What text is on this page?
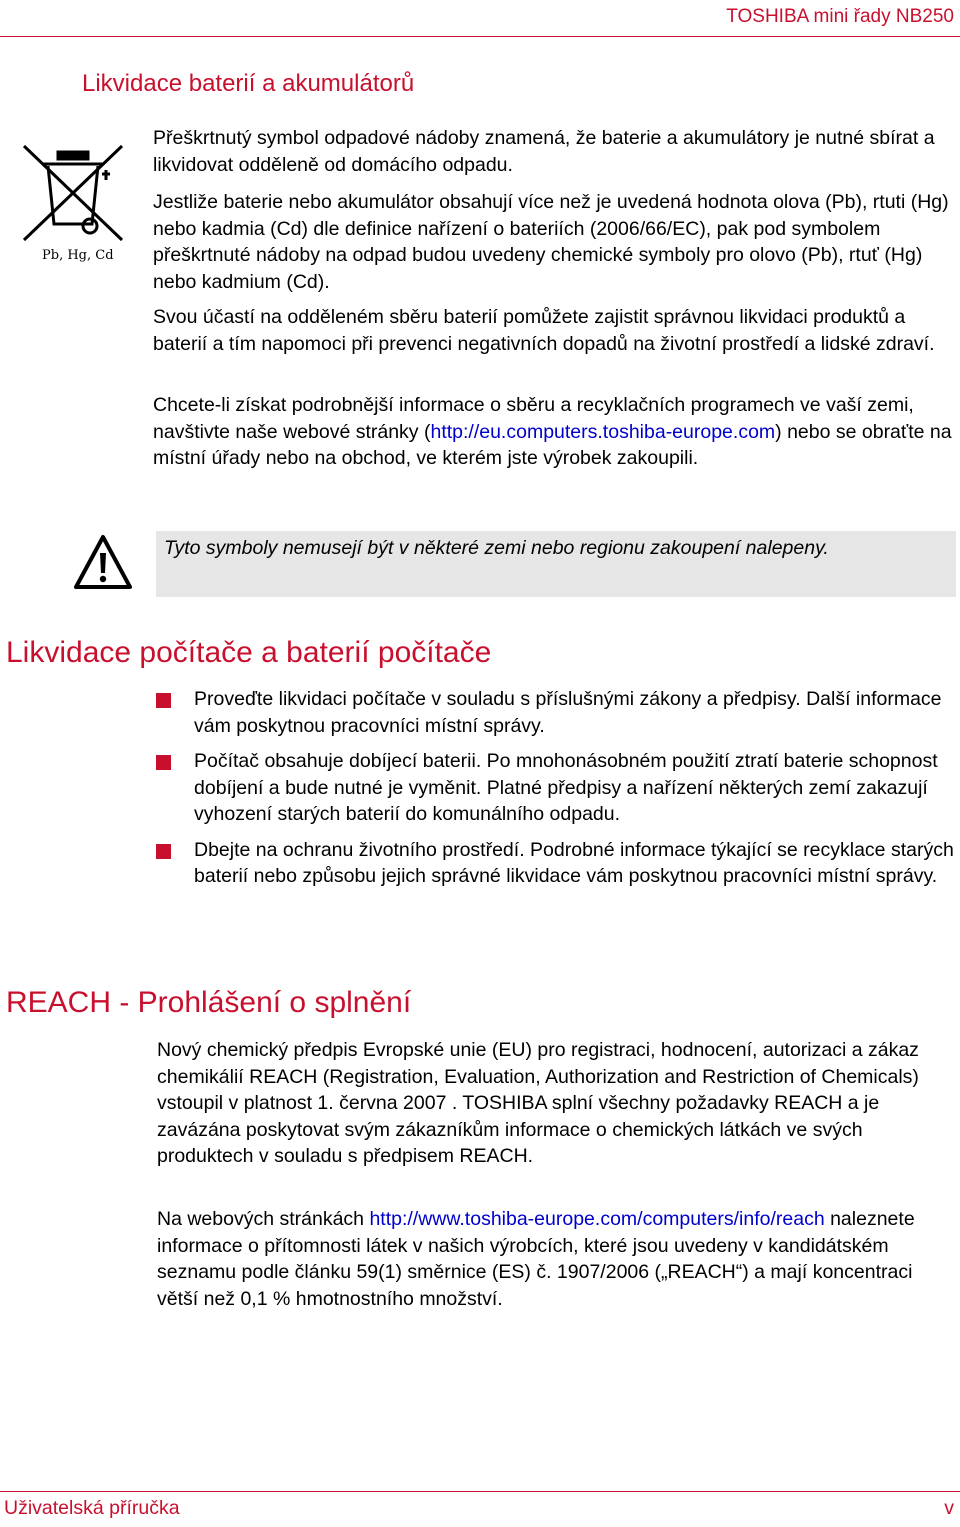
TOSHIBA mini řady NB250
Likvidace baterií a akumulátorů
Pb, Hg, Cd

Přeškrtnutý symbol odpadové nádoby znamená, že baterie a akumulátory je nutné sbírat a likvidovat odděleně od domácího odpadu.

Jestliže baterie nebo akumulátor obsahují více než je uvedená hodnota olova (Pb), rtuti (Hg) nebo kadmia (Cd) dle definice nařízení o bateriích (2006/66/EC), pak pod symbolem přeškrtnuté nádoby na odpad budou uvedeny chemické symboly pro olovo (Pb), rtuť (Hg) nebo kadmium (Cd).

Svou účastí na odděleném sběru baterií pomůžete zajistit správnou likvidaci produktů a baterií a tím napomoci při prevenci negativních dopadů na životní prostředí a lidské zdraví.

Chcete-li získat podrobnější informace o sběru a recyklačních programech ve vaší zemi, navštivte naše webové stránky (http://eu.computers.toshiba-europe.com) nebo se obraťte na místní úřady nebo na obchod, ve kterém jste výrobek zakoupili.

Tyto symboly nemusejí být v některé zemi nebo regionu zakoupení nalepeny.

Likvidace počítače a baterií počítače
Proveďte likvidaci počítače v souladu s příslušnými zákony a předpisy. Další informace vám poskytnou pracovníci místní správy.
Počítač obsahuje dobíjecí baterii. Po mnohonásobném použití ztratí baterie schopnost dobíjení a bude nutné je vyměnit. Platné předpisy a nařízení některých zemí zakazují vyhození starých baterií do komunálního odpadu.
Dbejte na ochranu životního prostředí. Podrobné informace týkající se recyklace starých baterií nebo způsobu jejich správné likvidace vám poskytnou pracovníci místní správy.
REACH - Prohlášení o splnění

Nový chemický předpis Evropské unie (EU) pro registraci, hodnocení, autorizaci a zákaz chemikálií REACH (Registration, Evaluation, Authorization and Restriction of Chemicals) vstoupil v platnost 1. června 2007 . TOSHIBA splní všechny požadavky REACH a je zavázána poskytovat svým zákazníkům informace o chemických látkách ve svých produktech v souladu s předpisem REACH.

Na webových stránkách http://www.toshiba-europe.com/computers/info/reach naleznete informace o přítomnosti látek v našich výrobcích, které jsou uvedeny v kandidátském seznamu podle článku 59(1) směrnice (ES) č. 1907/2006 („REACH“) a mají koncentraci větší než 0,1 % hmotnostního množství.

Uživatelská příručka	v
